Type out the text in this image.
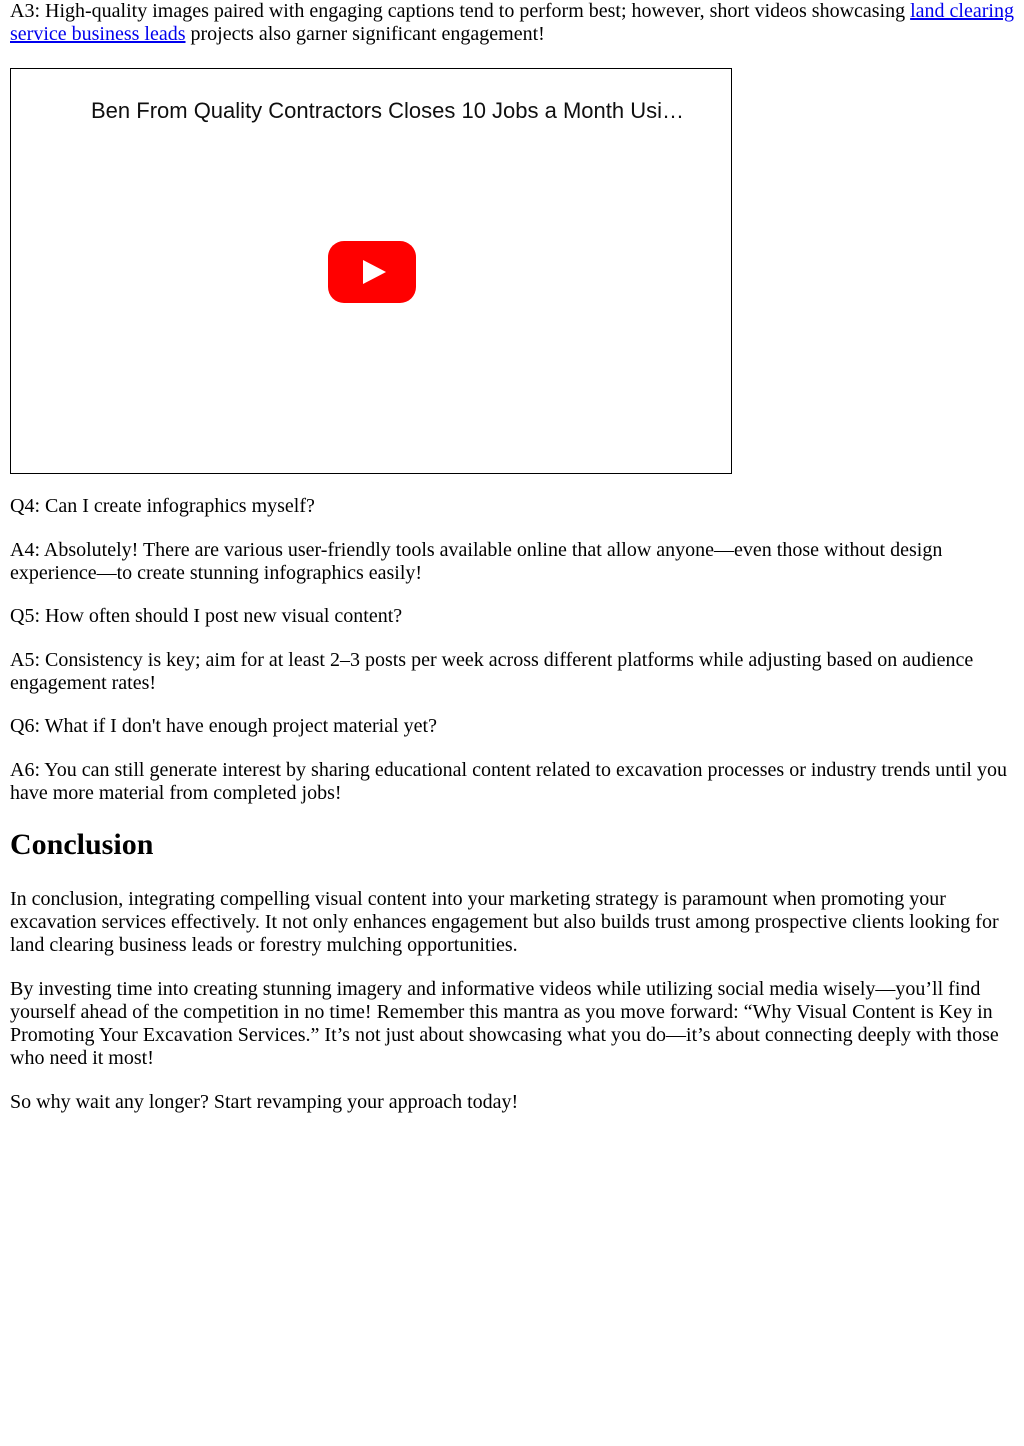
A3: High-quality images paired with engaging captions tend to perform best; however, short videos showcasing land clearing service business leads projects also garner significant engagement!

Ben From Quality Contractors Closes 10 Jobs a Month Usi…

Q4: Can I create infographics myself?

A4: Absolutely! There are various user-friendly tools available online that allow anyone—even those without design experience—to create stunning infographics easily!

Q5: How often should I post new visual content?

A5: Consistency is key; aim for at least 2–3 posts per week across different platforms while adjusting based on audience engagement rates!

Q6: What if I don't have enough project material yet?

A6: You can still generate interest by sharing educational content related to excavation processes or industry trends until you have more material from completed jobs!

Conclusion

In conclusion, integrating compelling visual content into your marketing strategy is paramount when promoting your excavation services effectively. It not only enhances engagement but also builds trust among prospective clients looking for land clearing business leads or forestry mulching opportunities.

By investing time into creating stunning imagery and informative videos while utilizing social media wisely—you’ll find yourself ahead of the competition in no time! Remember this mantra as you move forward: “Why Visual Content is Key in Promoting Your Excavation Services.” It’s not just about showcasing what you do—it’s about connecting deeply with those who need it most!

So why wait any longer? Start revamping your approach today!
